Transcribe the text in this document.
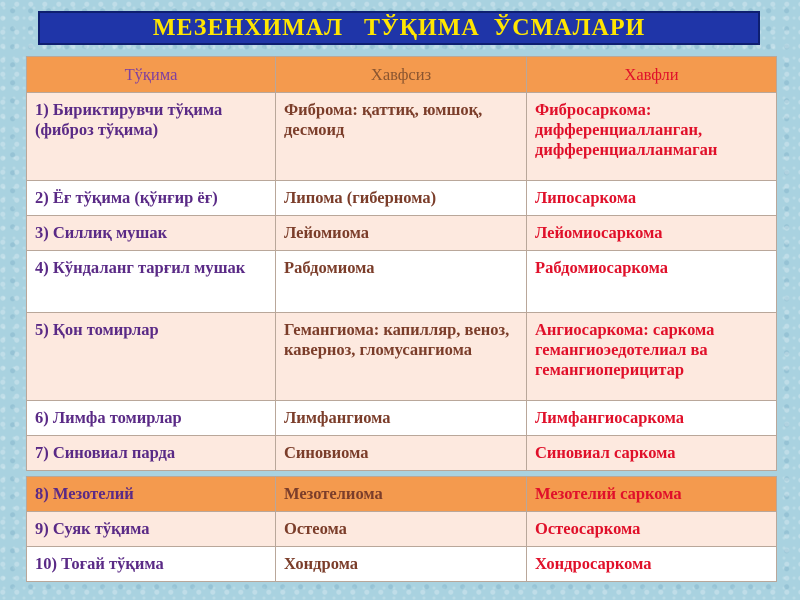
МЕЗЕНХИМАЛ   ТЎҚИМА  ЎСМАЛАРИ
Тўқима	Хавфсиз	Хавфли
1) Бириктирувчи тўқима (фиброз тўқима)	Фиброма: қаттиқ, юмшоқ, десмоид	Фибросаркома: дифференциалланган, дифференциалланмаган
2) Ёғ тўқима (қўнғир ёғ)	Липома (гибернома)	Липосаркома
3) Силлиқ мушак	Лейомиома	Лейомиосаркома
4) Кўндаланг тарғил мушак	Рабдомиома	Рабдомиосаркома
5) Қон томирлар	Гемангиома: капилляр, веноз, каверноз, гломусангиома	Ангиосаркома: саркома гемангиоэедотелиал ва гемангиоперицитар
6) Лимфа томирлар	Лимфангиома	Лимфангиосаркома
7) Синовиал парда	Синовиома	Синовиал саркома

8) Мезотелий	Мезотелиома	Мезотелий саркома
9) Суяк тўқима	Остеома	Остеосаркома
10) Тоғай тўқима	Хондрома	Хондросаркома
